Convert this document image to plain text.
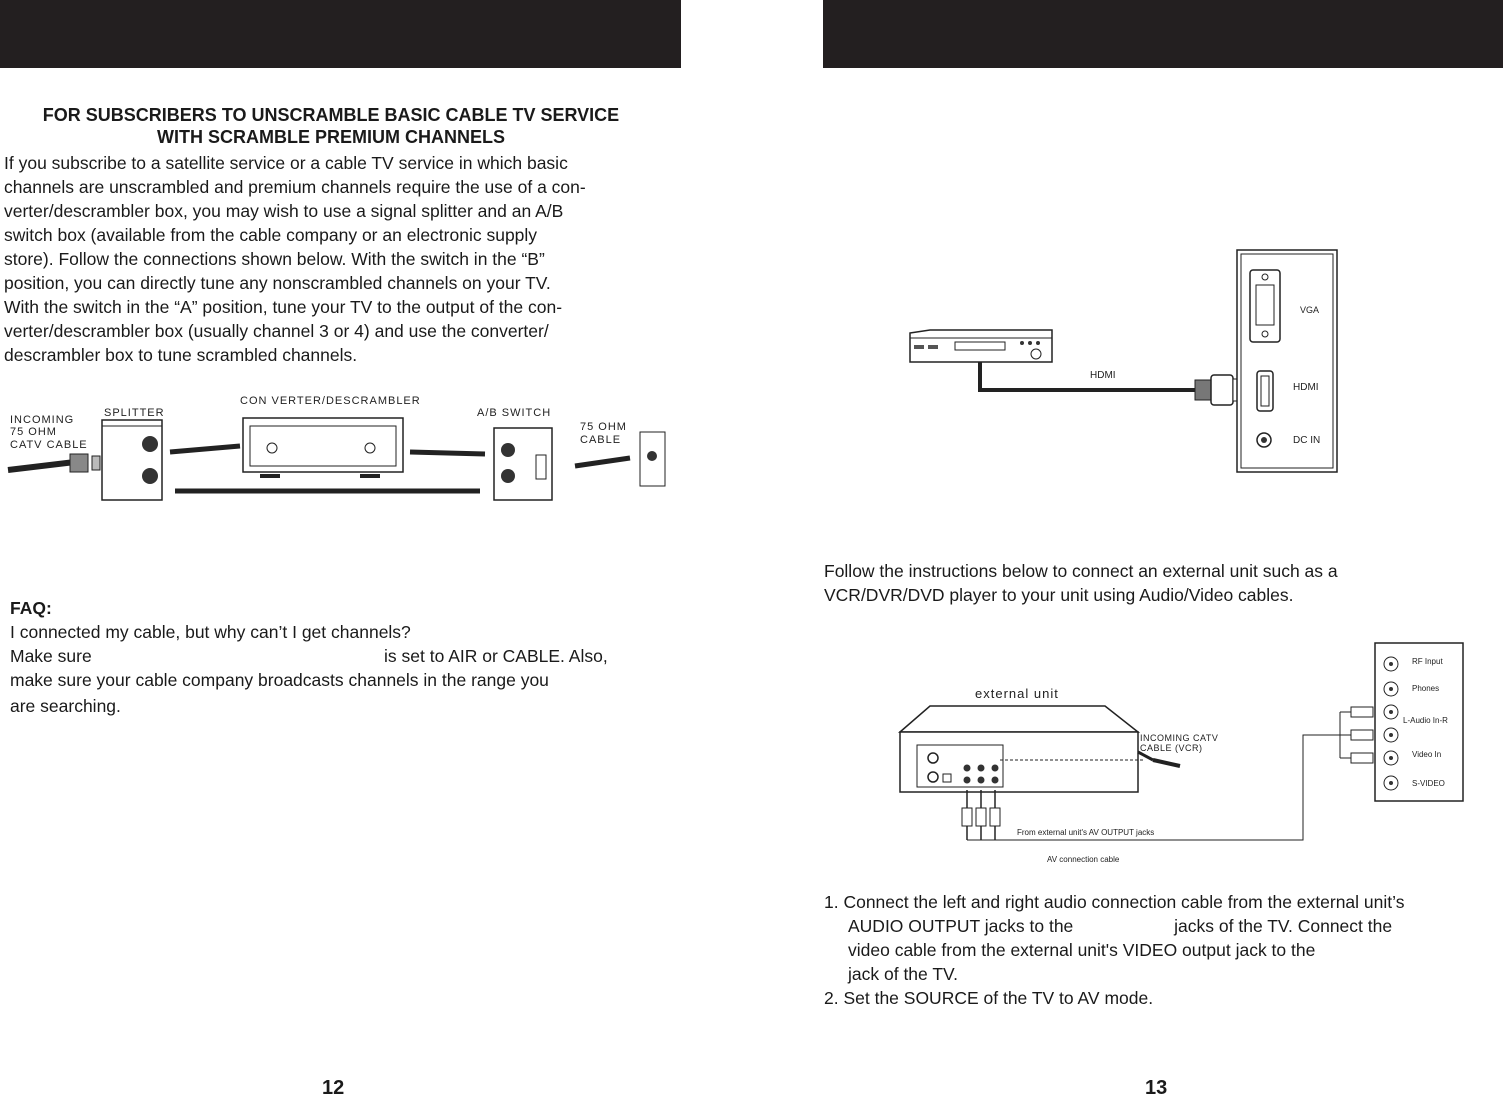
FOR SUBSCRIBERS TO UNSCRAMBLE BASIC CABLE TV SERVICE
WITH SCRAMBLE PREMIUM CHANNELS
If you subscribe to a satellite service or a cable TV service in which basic
channels are unscrambled and premium channels require the use of a con-
verter/descrambler box, you may wish to use a signal splitter and an A/B
switch box (available from the cable company or an electronic supply
store). Follow the connections shown below. With the switch in the “B”
position, you can directly tune any nonscrambled channels on your TV.
With the switch in the “A” position, tune your TV to the output of the con-
verter/descrambler box (usually channel 3 or 4) and use the converter/
descrambler box to tune scrambled channels.
INCOMING
75 OHM
CATV CABLE
SPLITTER
CON VERTER/DESCRAMBLER
A/B SWITCH
75 OHM
CABLE
FAQ:
I connected my cable, but why can’t I get channels?
Make sure	is set to AIR or CABLE. Also,
make sure your cable company broadcasts channels in the range you
are searching.
12
HDMI
VGA
HDMI
DC IN
Follow the instructions below to connect an external unit such as a
VCR/DVR/DVD player to your unit using Audio/Video cables.
external unit
INCOMING CATV
CABLE (VCR)
From external unit's AV OUTPUT jacks
AV connection cable
RF Input
Phones
L-Audio In-R
Video In
S-VIDEO
1. Connect the left and right audio connection cable from the external unit’s
AUDIO OUTPUT jacks to the	jacks of the TV. Connect the
video cable from the external unit's VIDEO output jack to the
jack of the TV.
2. Set the SOURCE of the TV to AV mode.
13
